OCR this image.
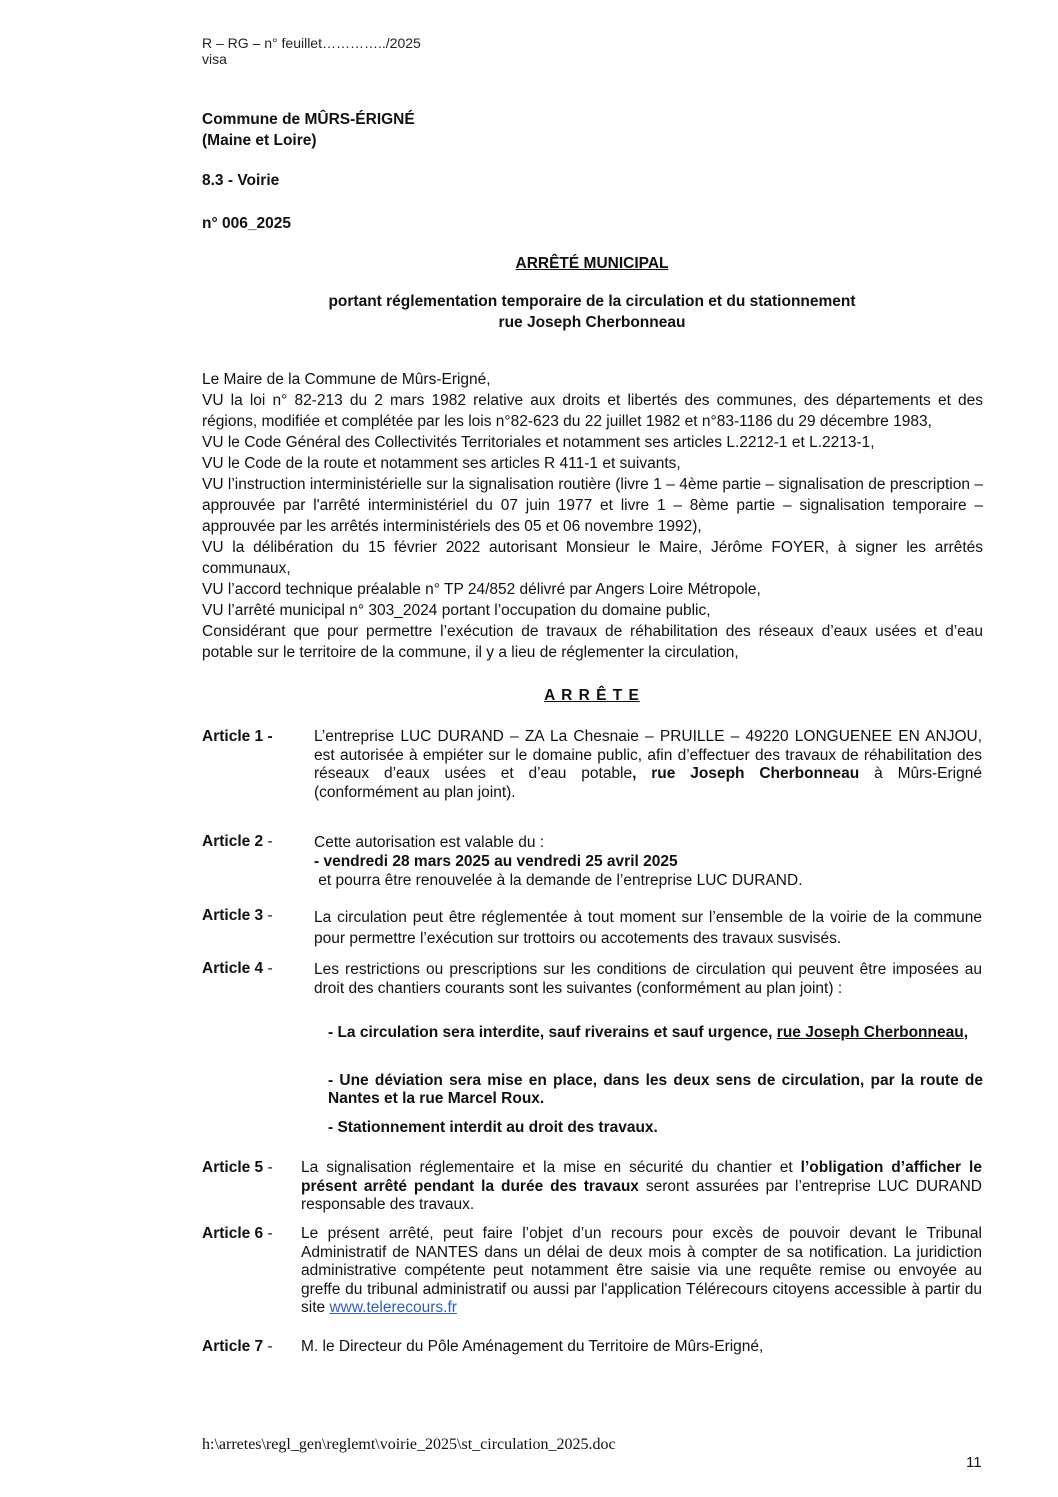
R – RG – n° feuillet…………../2025
visa
Commune de MÛRS-ÉRIGNÉ
(Maine et Loire)
8.3 - Voirie
n° 006_2025
ARRÊTÉ MUNICIPAL
portant réglementation temporaire de la circulation et du stationnement
rue Joseph Cherbonneau
Le Maire de la Commune de Mûrs-Erigné,
VU la loi n° 82-213 du 2 mars 1982 relative aux droits et libertés des communes, des départements et des régions, modifiée et complétée par les lois n°82-623 du 22 juillet 1982 et n°83-1186 du 29 décembre 1983,
VU le Code Général des Collectivités Territoriales et notamment ses articles L.2212-1 et L.2213-1,
VU le Code de la route et notamment ses articles R 411-1 et suivants,
VU l’instruction interministérielle sur la signalisation routière (livre 1 – 4ème partie – signalisation de prescription – approuvée par l'arrêté interministériel du 07 juin 1977 et livre 1 – 8ème partie – signalisation temporaire – approuvée par les arrêtés interministériels des 05 et 06 novembre 1992),
VU la délibération du 15 février 2022 autorisant Monsieur le Maire, Jérôme FOYER, à signer les arrêtés communaux,
VU l’accord technique préalable n° TP 24/852 délivré par Angers Loire Métropole,
VU l’arrêté municipal n° 303_2024 portant l’occupation du domaine public,
Considérant que pour permettre l’exécution de travaux de réhabilitation des réseaux d’eaux usées et d’eau potable sur le territoire de la commune, il y a lieu de réglementer la circulation,
A R R Ê T E
Article 1 -	L’entreprise LUC DURAND – ZA La Chesnaie – PRUILLE – 49220 LONGUENEE EN ANJOU, est autorisée à empiéter sur le domaine public, afin d’effectuer des travaux de réhabilitation des réseaux d’eaux usées et d’eau potable, rue Joseph Cherbonneau à Mûrs-Erigné (conformément au plan joint).
Article 2 -	Cette autorisation est valable du :
- vendredi 28 mars 2025 au vendredi 25 avril 2025
et pourra être renouvelée à la demande de l’entreprise LUC DURAND.
Article 3 -	La circulation peut être réglementée à tout moment sur l’ensemble de la voirie de la commune pour permettre l’exécution sur trottoirs ou accotements des travaux susvisés.
Article 4 -	Les restrictions ou prescriptions sur les conditions de circulation qui peuvent être imposées au droit des chantiers courants sont les suivantes (conformément au plan joint) :
- La circulation sera interdite, sauf riverains et sauf urgence, rue Joseph Cherbonneau,
- Une déviation sera mise en place, dans les deux sens de circulation, par la route de Nantes et la rue Marcel Roux.
- Stationnement interdit au droit des travaux.
Article 5 - La signalisation réglementaire et la mise en sécurité du chantier et l’obligation d’afficher le présent arrêté pendant la durée des travaux seront assurées par l’entreprise LUC DURAND responsable des travaux.
Article 6 - Le présent arrêté, peut faire l’objet d’un recours pour excès de pouvoir devant le Tribunal Administratif de NANTES dans un délai de deux mois à compter de sa notification. La juridiction administrative compétente peut notamment être saisie via une requête remise ou envoyée au greffe du tribunal administratif ou aussi par l'application Télérecours citoyens accessible à partir du site www.telerecours.fr
Article 7 - M. le Directeur du Pôle Aménagement du Territoire de Mûrs-Erigné,
h:\arretes\regl_gen\reglemt\voirie_2025\st_circulation_2025.doc
11
